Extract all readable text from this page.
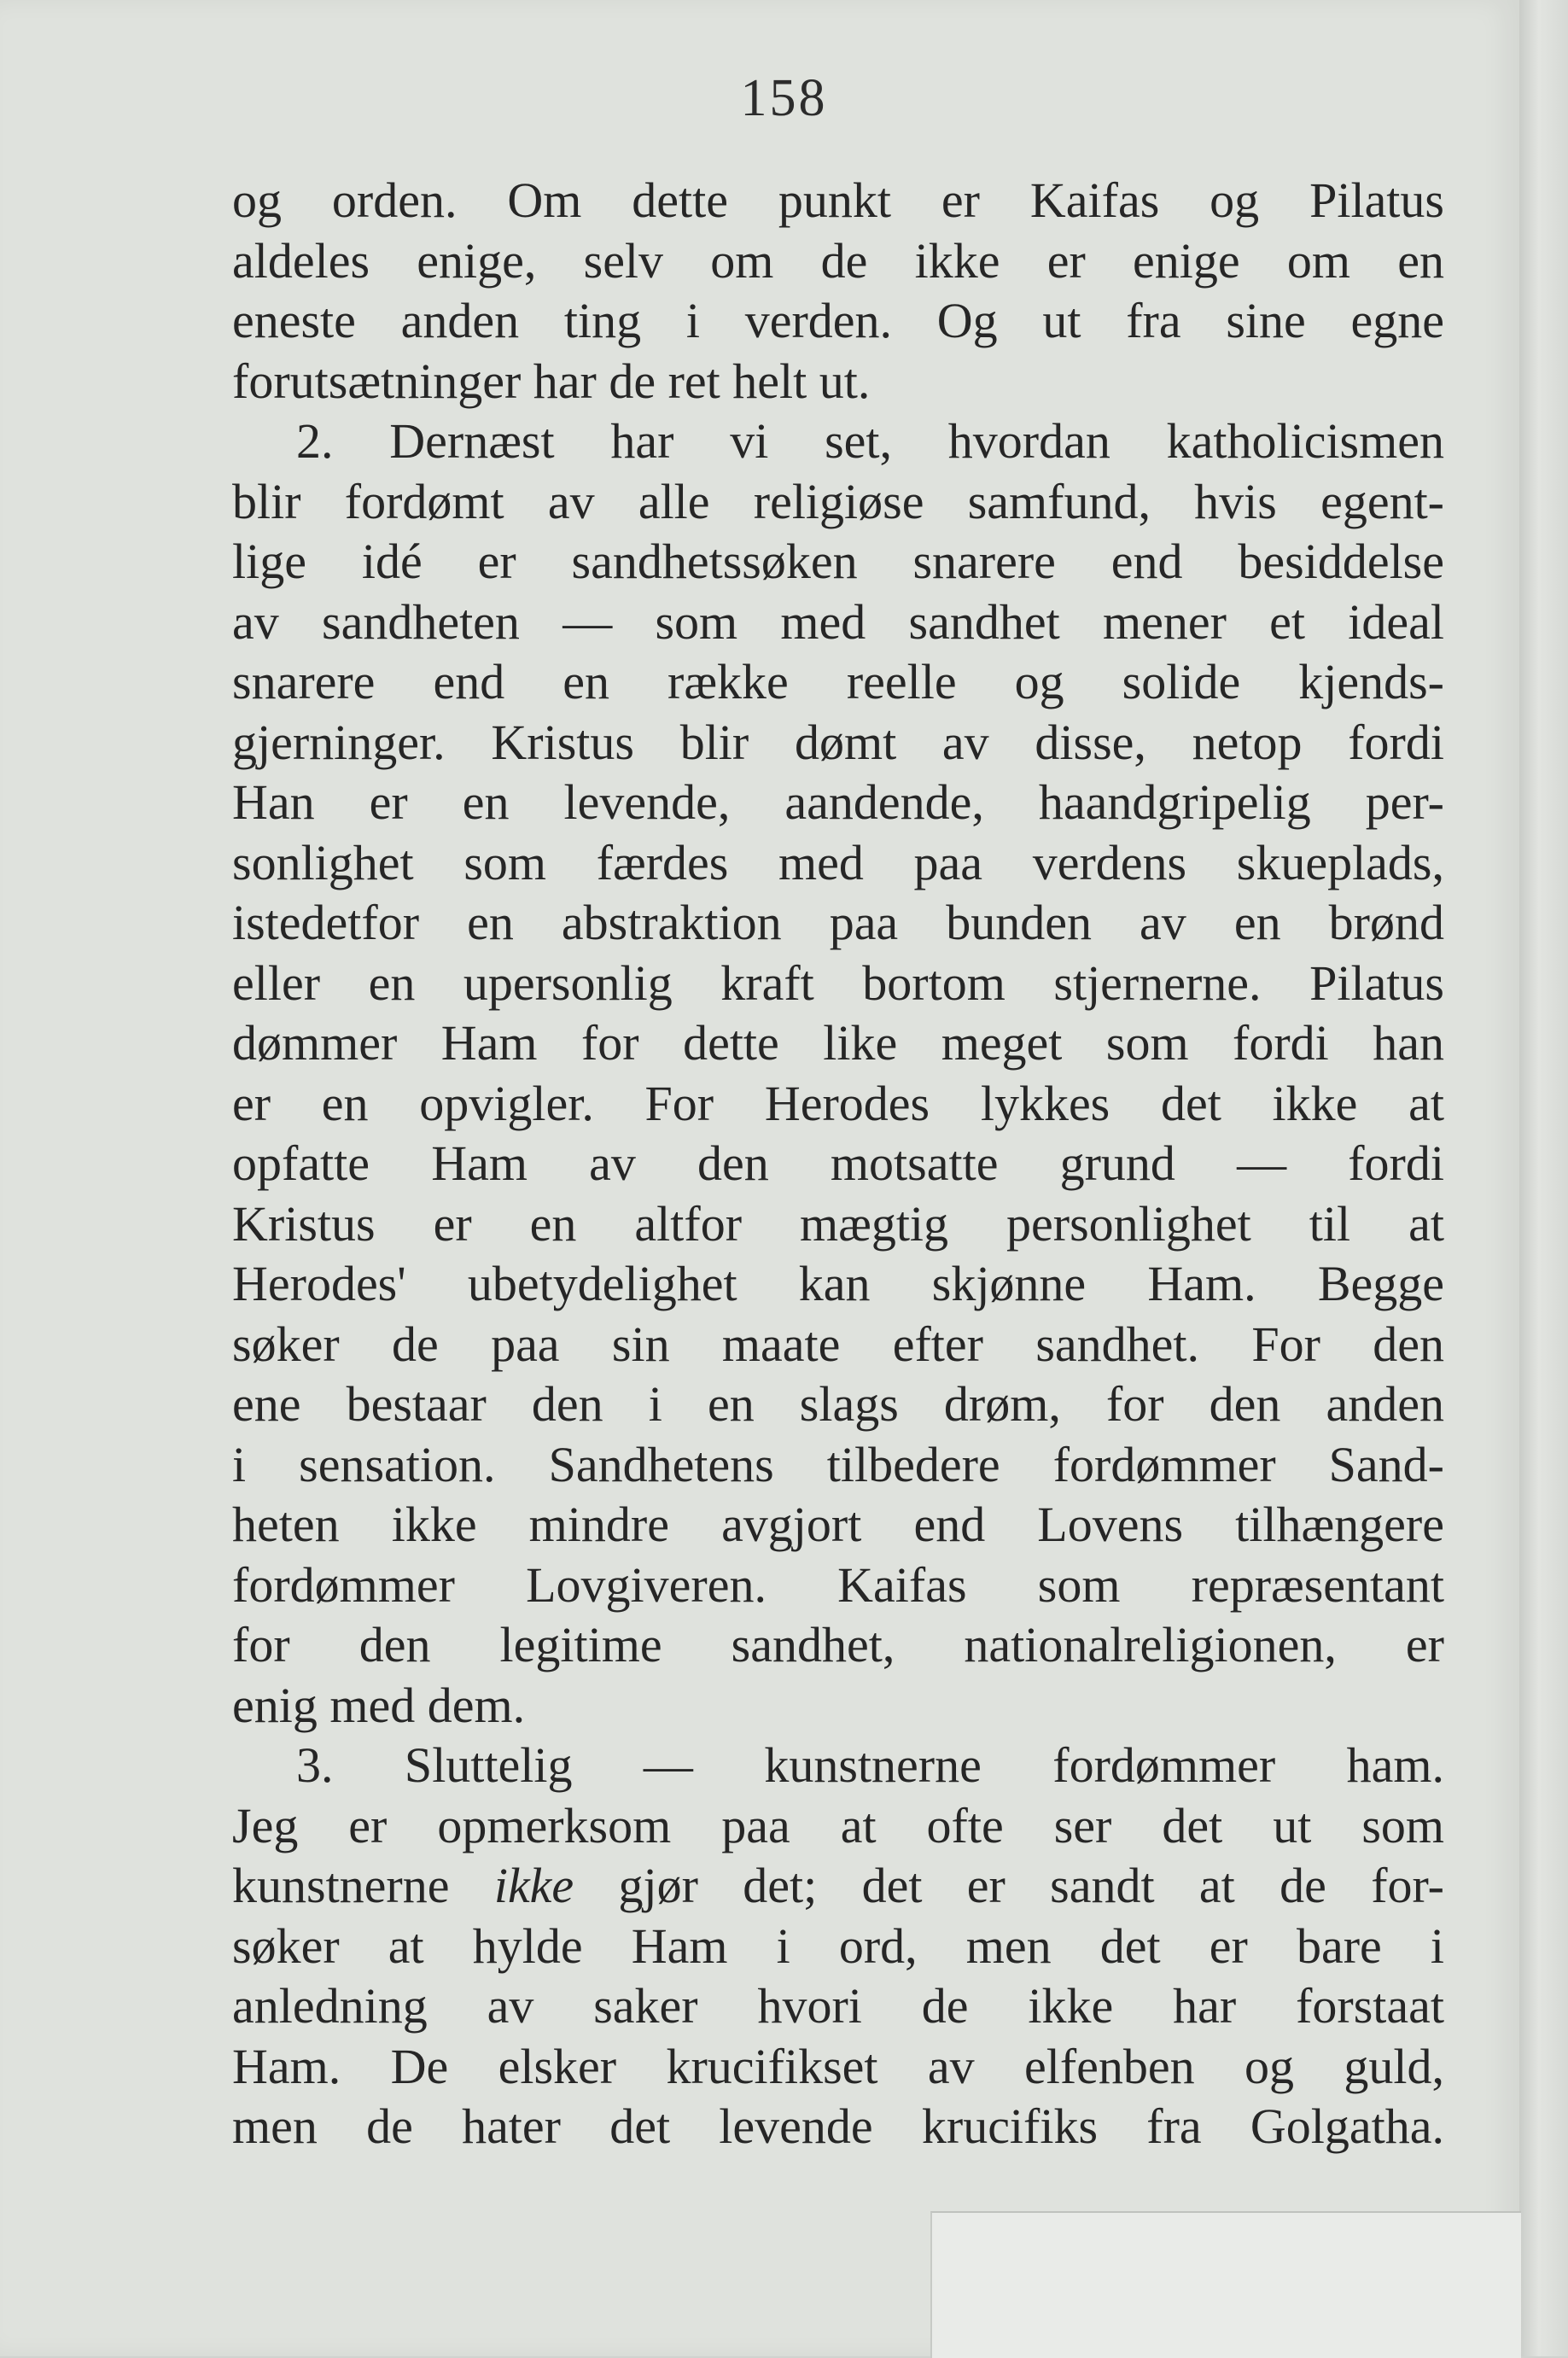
158
og orden. Om dette punkt er Kaifas og Pilatus
aldeles enige, selv om de ikke er enige om en
eneste anden ting i verden. Og ut fra sine egne
forutsætninger har de ret helt ut.
2. Dernæst har vi set, hvordan katholicismen
blir fordømt av alle religiøse samfund, hvis egent-
lige idé er sandhetssøken snarere end besiddelse
av sandheten — som med sandhet mener et ideal
snarere end en række reelle og solide kjends-
gjerninger. Kristus blir dømt av disse, netop fordi
Han er en levende, aandende, haandgripelig per-
sonlighet som færdes med paa verdens skueplads,
istedetfor en abstraktion paa bunden av en brønd
eller en upersonlig kraft bortom stjernerne. Pilatus
dømmer Ham for dette like meget som fordi han
er en opvigler. For Herodes lykkes det ikke at
opfatte Ham av den motsatte grund — fordi
Kristus er en altfor mægtig personlighet til at
Herodes' ubetydelighet kan skjønne Ham. Begge
søker de paa sin maate efter sandhet. For den
ene bestaar den i en slags drøm, for den anden
i sensation. Sandhetens tilbedere fordømmer Sand-
heten ikke mindre avgjort end Lovens tilhængere
fordømmer Lovgiveren. Kaifas som repræsentant
for den legitime sandhet, nationalreligionen, er
enig med dem.
3. Sluttelig — kunstnerne fordømmer ham.
Jeg er opmerksom paa at ofte ser det ut som
kunstnerne ikke gjør det; det er sandt at de for-
søker at hylde Ham i ord, men det er bare i
anledning av saker hvori de ikke har forstaat
Ham. De elsker krucifikset av elfenben og guld,
men de hater det levende krucifiks fra Golgatha.
